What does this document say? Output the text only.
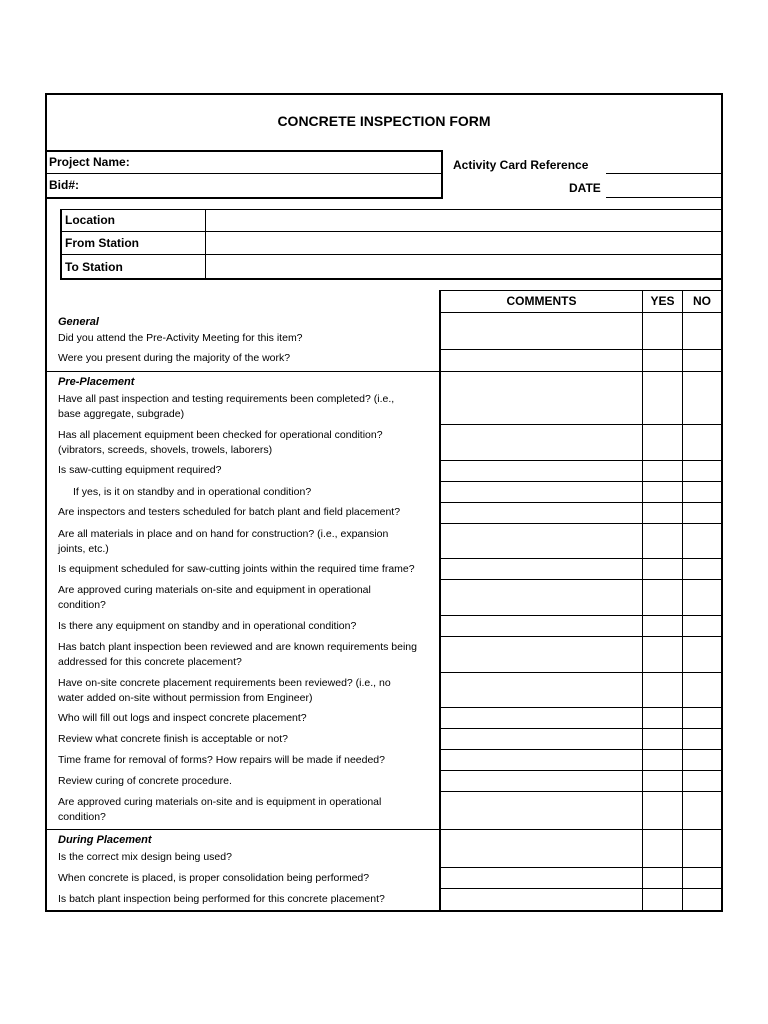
CONCRETE INSPECTION FORM
Project Name:
Bid#:
Activity Card Reference
DATE
Location
From Station
To Station
COMMENTS	YES	NO
General
Did you attend the Pre-Activity Meeting for this item?
Were you present during the majority of the work?
Pre-Placement
Have all past inspection and testing requirements been completed? (i.e., base aggregate, subgrade)
Has all placement equipment been checked for operational condition? (vibrators, screeds, shovels, trowels, laborers)
Is saw-cutting equipment required?
If yes, is it on standby and in operational condition?
Are inspectors and testers scheduled for batch plant and field placement?
Are all materials in place and on hand for construction? (i.e., expansion joints, etc.)
Is equipment scheduled for saw-cutting joints within the required time frame?
Are approved curing materials on-site and equipment in operational condition?
Is there any equipment on standby and in operational condition?
Has batch plant inspection been reviewed and are known requirements being addressed for this concrete placement?
Have on-site concrete placement requirements been reviewed? (i.e., no water added on-site without permission from Engineer)
Who will fill out logs and inspect concrete placement?
Review what concrete finish is acceptable or not?
Time frame for removal of forms? How repairs will be made if needed?
Review curing of concrete procedure.
Are approved curing materials on-site and is equipment in operational condition?
During Placement
Is the correct mix design being used?
When concrete is placed, is proper consolidation being performed?
Is batch plant inspection being performed for this concrete placement?
